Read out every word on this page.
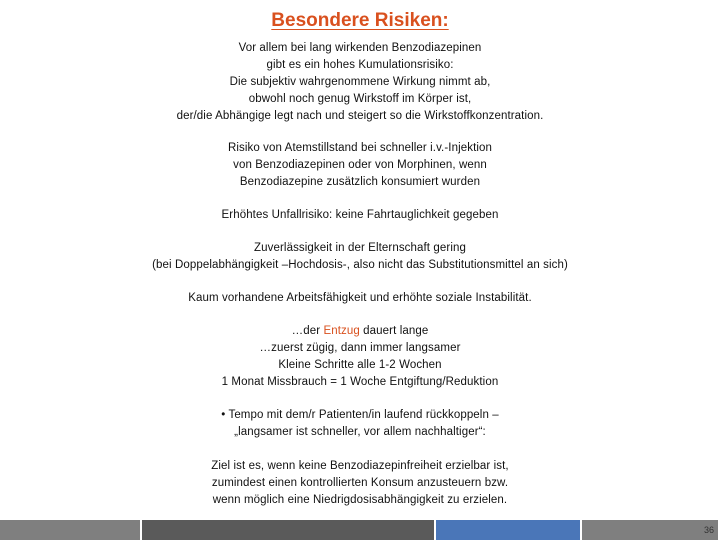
Besondere Risiken:
Vor allem bei lang wirkenden Benzodiazepinen
gibt es ein hohes Kumulationsrisiko:
Die subjektiv wahrgenommene Wirkung nimmt ab,
obwohl noch genug Wirkstoff im Körper ist,
der/die Abhängige legt nach und steigert so die Wirkstoffkonzentration.
Risiko von Atemstillstand bei schneller i.v.-Injektion
von Benzodiazepinen oder von Morphinen, wenn
Benzodiazepine zusätzlich konsumiert wurden
Erhöhtes Unfallrisiko: keine Fahrtauglichkeit gegeben
Zuverlässigkeit in der Elternschaft gering
(bei Doppelabhängigkeit –Hochdosis-, also nicht das Substitutionsmittel an sich)
Kaum vorhandene Arbeitsfähigkeit und erhöhte soziale Instabilität.
…der Entzug dauert lange
…zuerst zügig, dann immer langsamer
Kleine Schritte alle 1-2 Wochen
1 Monat Missbrauch = 1 Woche Entgiftung/Reduktion
• Tempo mit dem/r Patienten/in laufend rückkoppeln –
„langsamer ist schneller, vor allem nachhaltiger“:
Ziel ist es, wenn keine Benzodiazepinfreiheit erzielbar ist,
zumindest einen kontrollierten Konsum anzusteuern bzw.
wenn möglich eine Niedrigdosisabhängigkeit zu erzielen.
36
